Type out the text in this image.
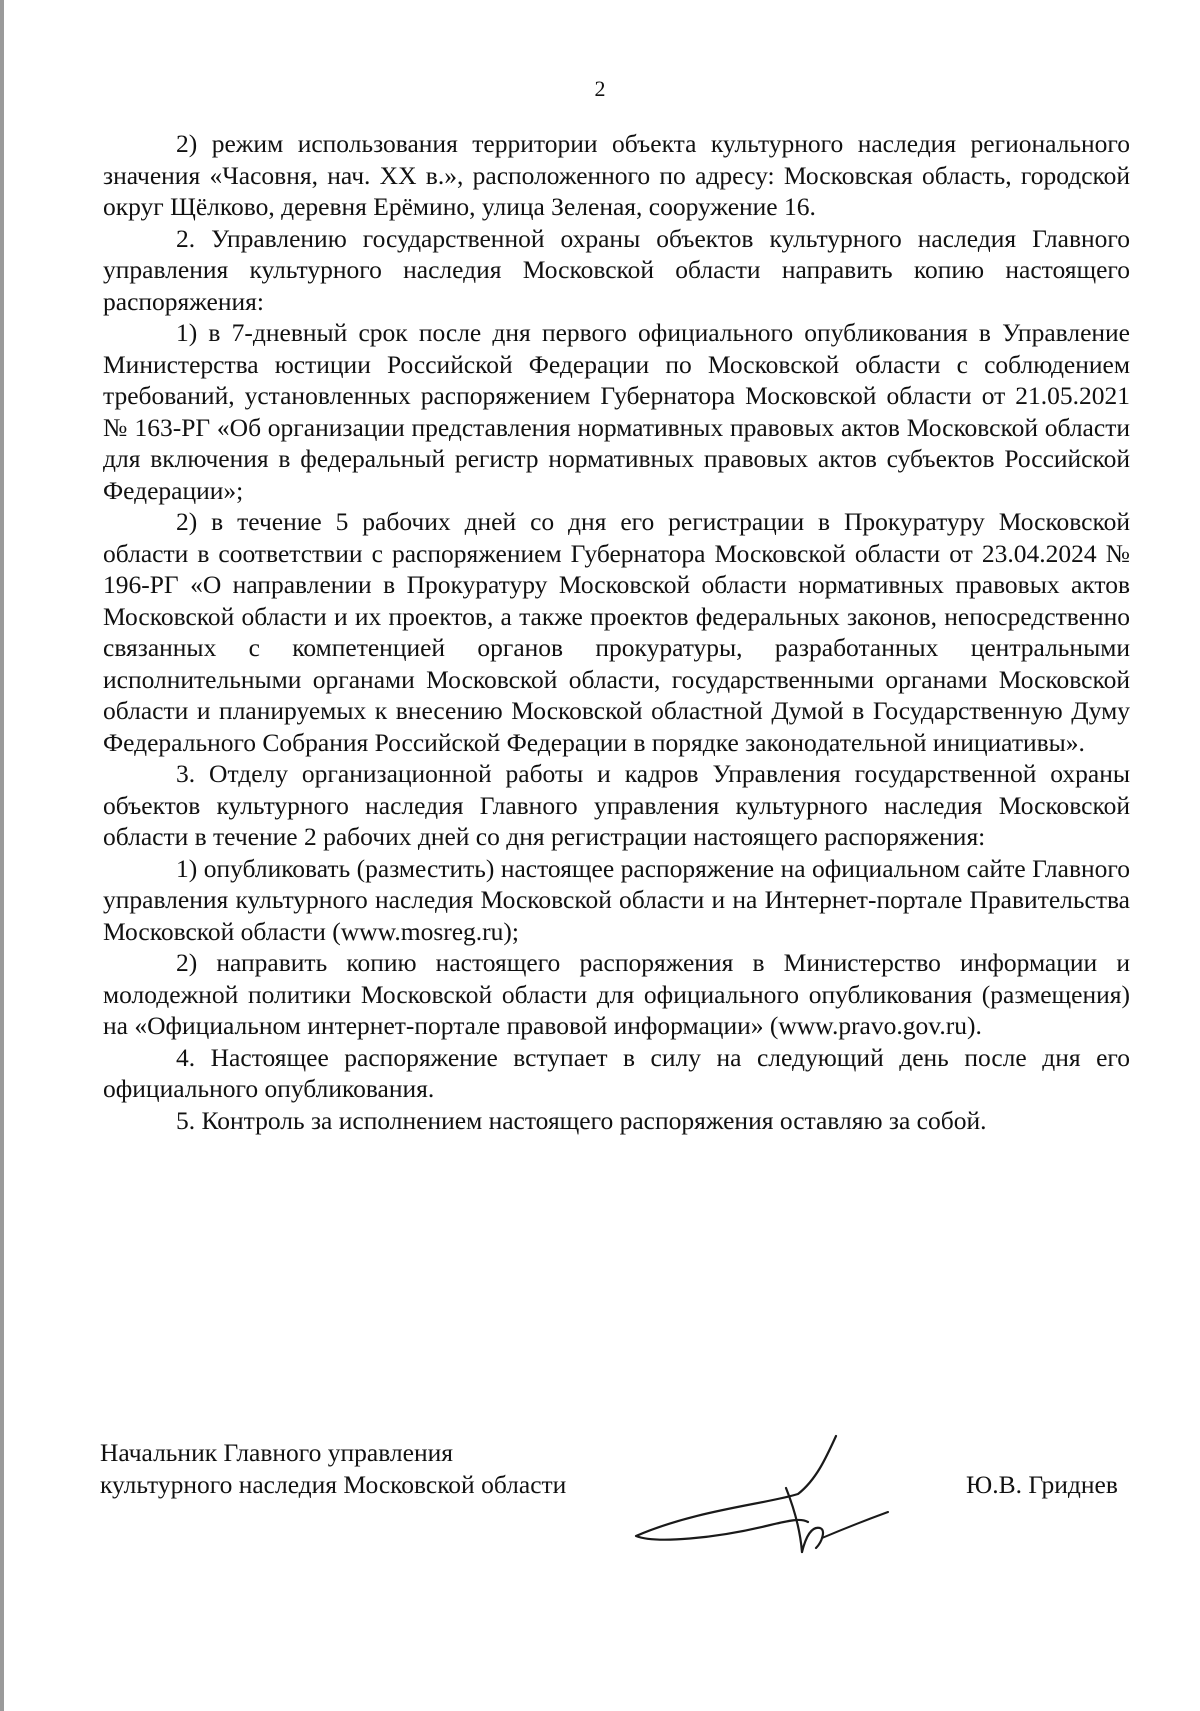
2

2) режим использования территории объекта культурного наследия регионального значения «Часовня, нач. XX в.», расположенного по адресу: Московская область, городской округ Щёлково, деревня Ерёмино, улица Зеленая, сооружение 16.

2. Управлению государственной охраны объектов культурного наследия Главного управления культурного наследия Московской области направить копию настоящего распоряжения:

1) в 7-дневный срок после дня первого официального опубликования в Управление Министерства юстиции Российской Федерации по Московской области с соблюдением требований, установленных распоряжением Губернатора Московской области от 21.05.2021 № 163-РГ «Об организации представления нормативных правовых актов Московской области для включения в федеральный регистр нормативных правовых актов субъектов Российской Федерации»;

2) в течение 5 рабочих дней со дня его регистрации в Прокуратуру Московской области в соответствии с распоряжением Губернатора Московской области от 23.04.2024 № 196-РГ «О направлении в Прокуратуру Московской области нормативных правовых актов Московской области и их проектов, а также проектов федеральных законов, непосредственно связанных с компетенцией органов прокуратуры, разработанных центральными исполнительными органами Московской области, государственными органами Московской области и планируемых к внесению Московской областной Думой в Государственную Думу Федерального Собрания Российской Федерации в порядке законодательной инициативы».

3. Отделу организационной работы и кадров Управления государственной охраны объектов культурного наследия Главного управления культурного наследия Московской области в течение 2 рабочих дней со дня регистрации настоящего распоряжения:

1) опубликовать (разместить) настоящее распоряжение на официальном сайте Главного управления культурного наследия Московской области и на Интернет-портале Правительства Московской области (www.mosreg.ru);

2) направить копию настоящего распоряжения в Министерство информации и молодежной политики Московской области для официального опубликования (размещения) на «Официальном интернет-портале правовой информации» (www.pravo.gov.ru).

4. Настоящее распоряжение вступает в силу на следующий день после дня его официального опубликования.

5. Контроль за исполнением настоящего распоряжения оставляю за собой.

Начальник Главного управления
культурного наследия Московской области	Ю.В. Гриднев
